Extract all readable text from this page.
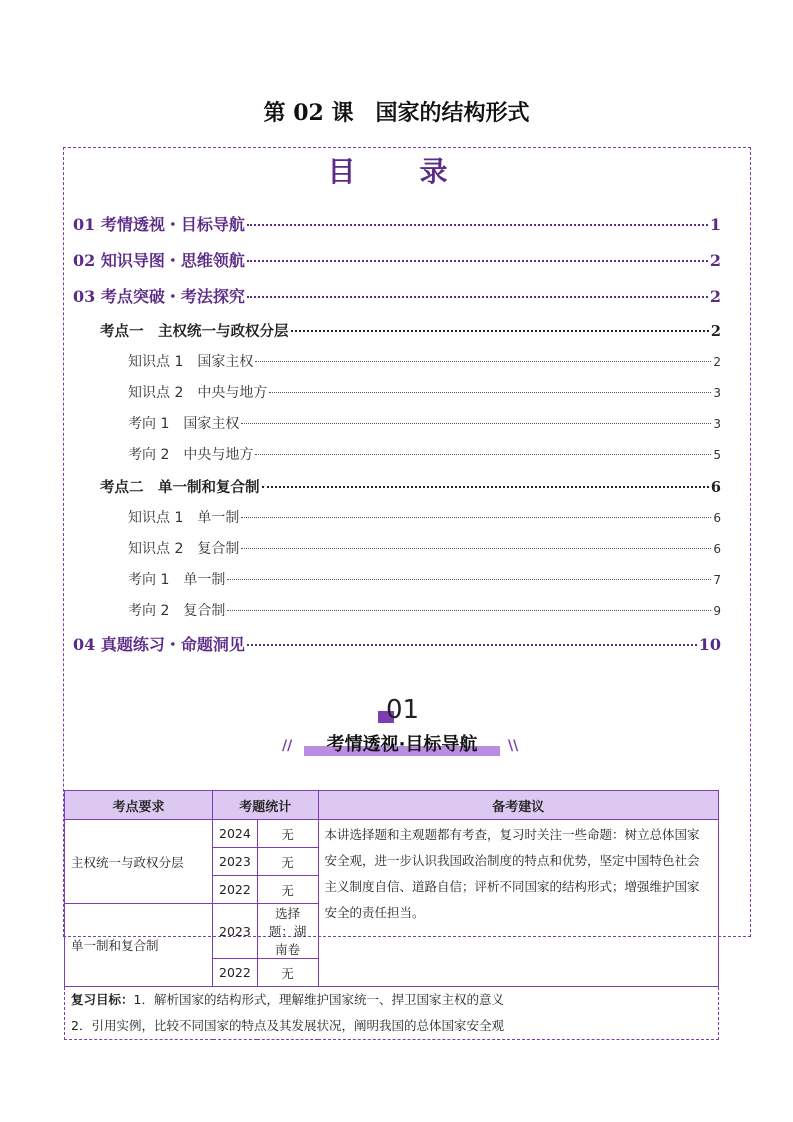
第 02 课　国家的结构形式
目　录
01 考情透视・目标导航	1
02 知识导图・思维领航	2
03 考点突破・考法探究	2
考点一　主权统一与政权分层	2
知识点 1　国家主权	2
知识点 2　中央与地方	3
考向 1　国家主权	3
考向 2　中央与地方	5
考点二　单一制和复合制	6
知识点 1　单一制	6
知识点 2　复合制	6
考向 1　单一制	7
考向 2　复合制	9
04 真题练习・命题洞见	10
01
//	考情透视·目标导航	\\
考点要求	考题统计		备考建议
主权统一与政权分层	2024	无	本讲选择题和主观题都有考查，复习时关注一些命题：树立总体国家安全观，进一步认识我国政治制度的特点和优势，坚定中国特色社会主义制度自信、道路自信；评析不同国家的结构形式；增强维护国家安全的责任担当。
	2023	无	
	2022	无	
单一制和复合制	2023	选择题：湖南卷	
	2022	无	
复习目标：1．解析国家的结构形式，理解维护国家统一、捍卫国家主权的意义
2．引用实例，比较不同国家的特点及其发展状况，阐明我国的总体国家安全观			
